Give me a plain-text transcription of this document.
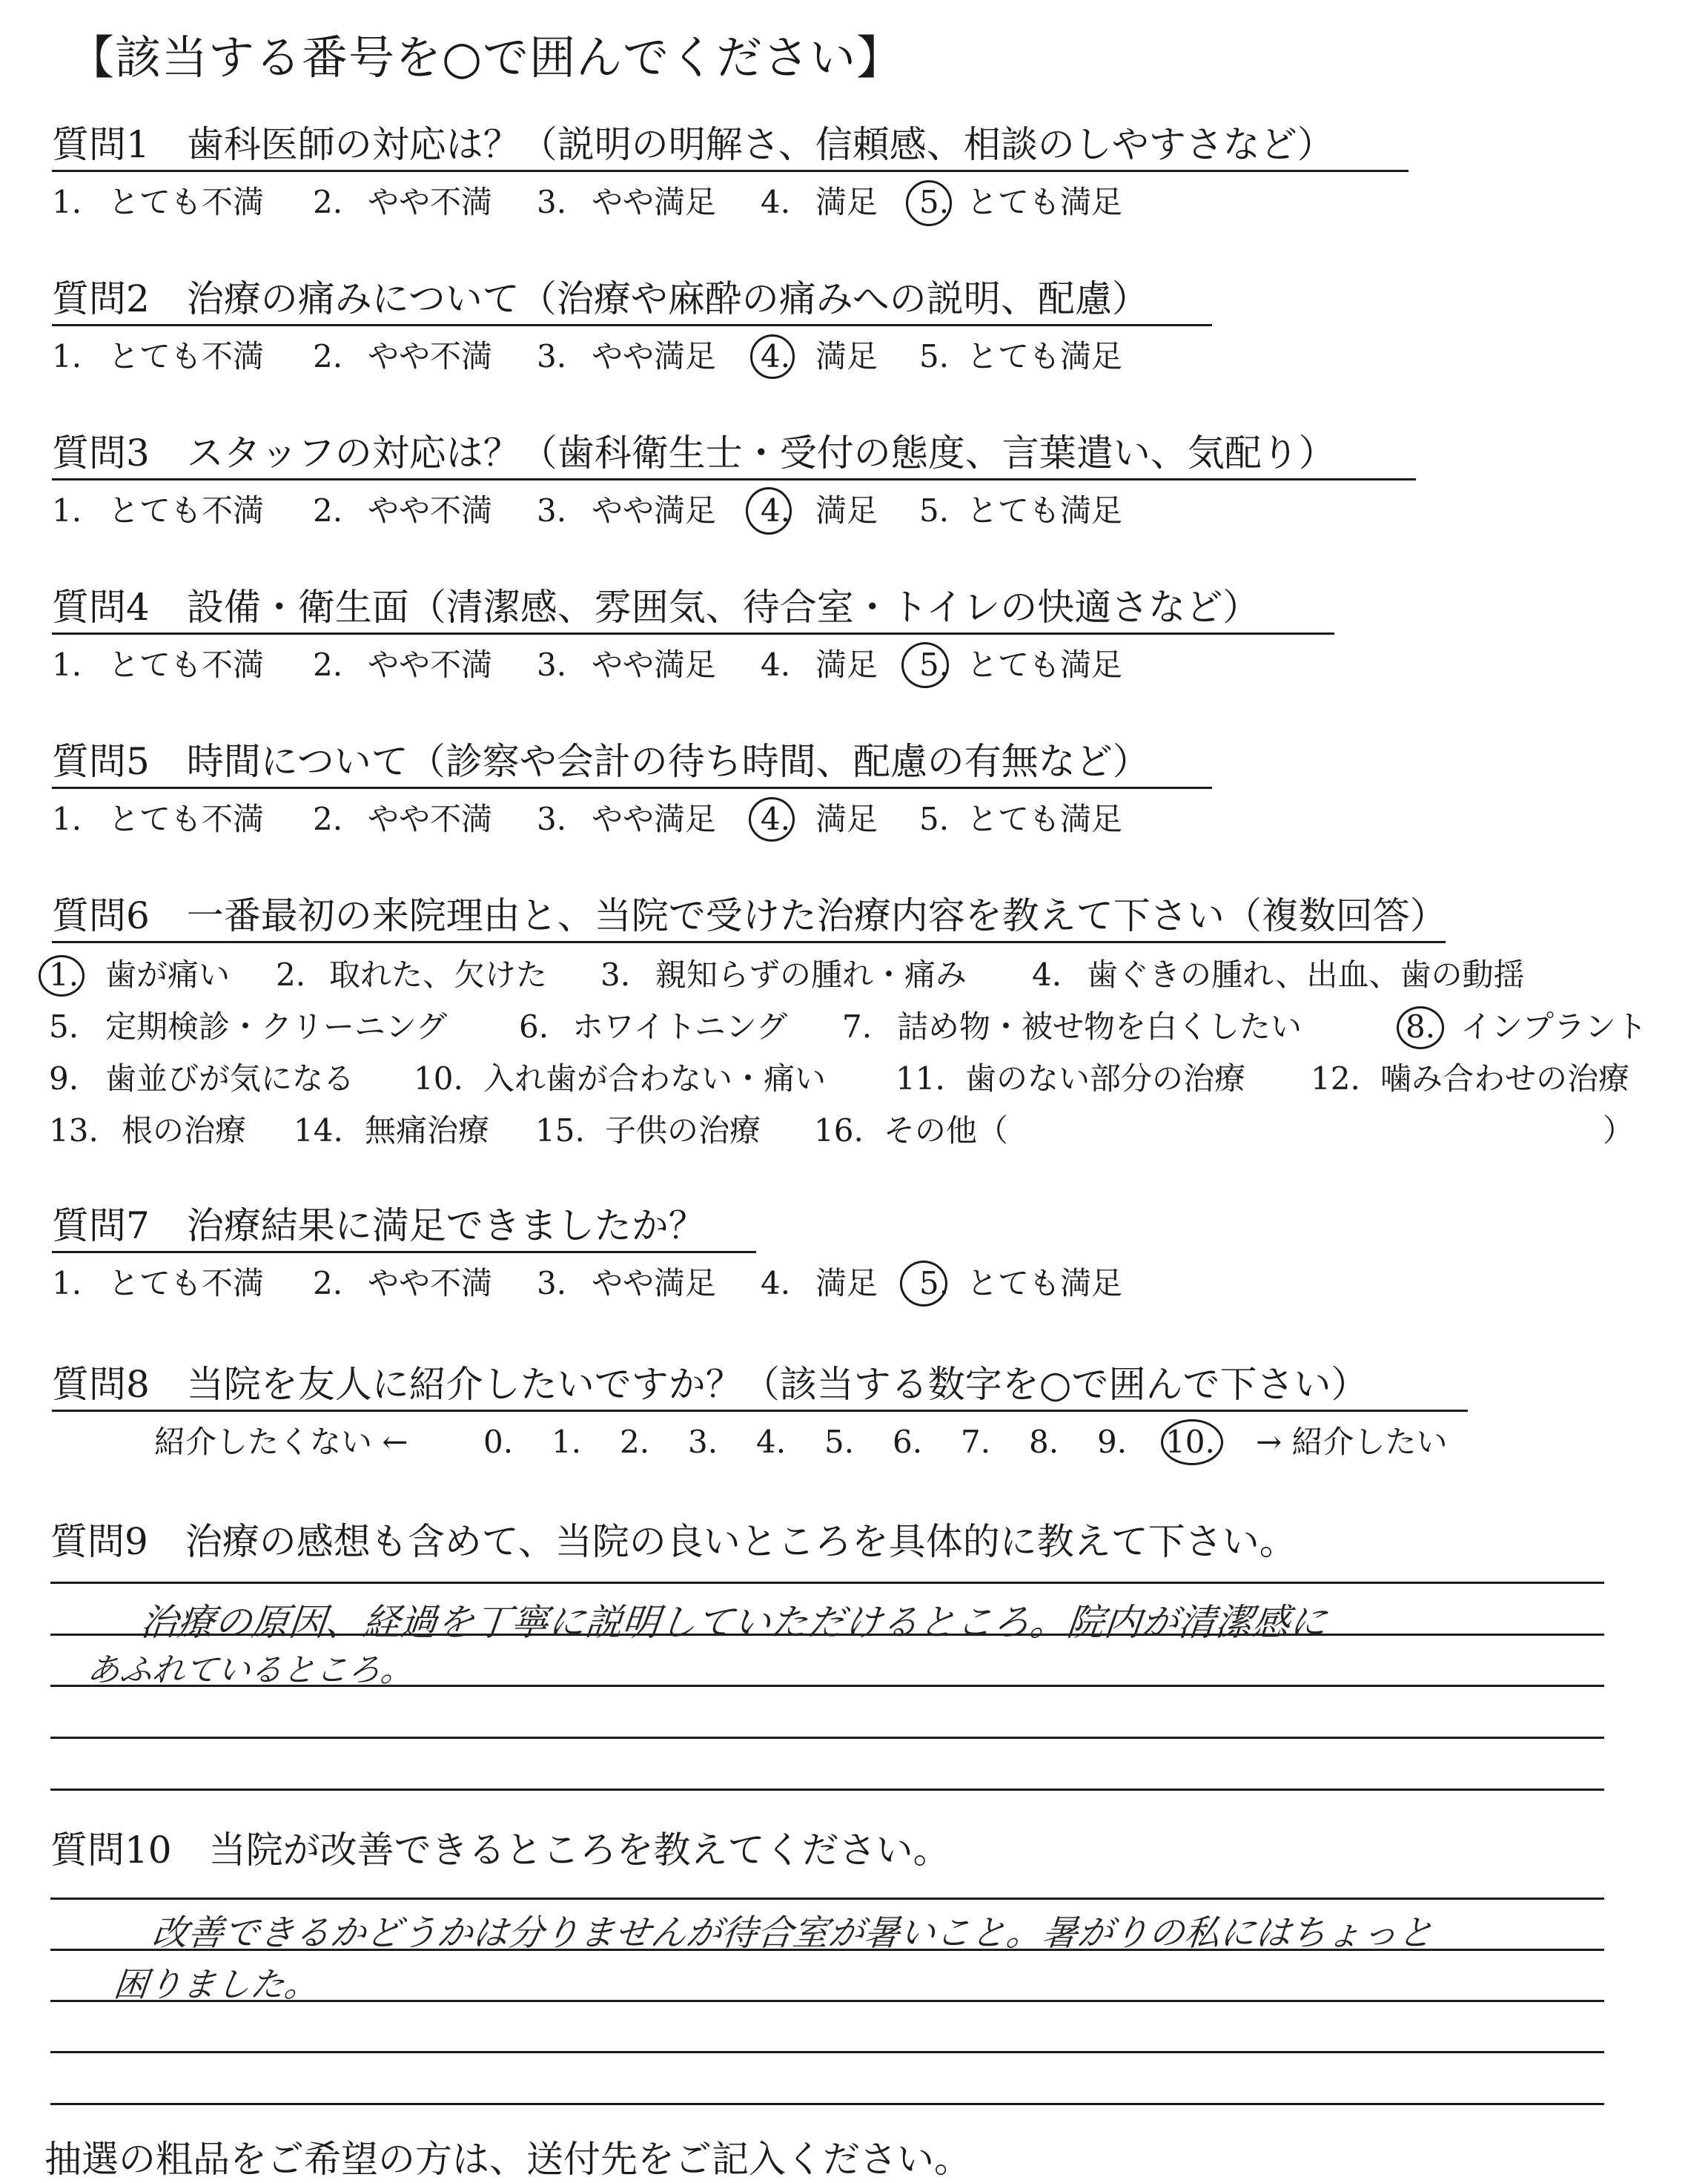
【該当する番号を○で囲んでください】
質問1　歯科医師の対応は？（説明の明解さ、信頼感、相談のしやすさなど）
1. とても不満 2. やや不満 3. やや満足 4. 満足 5. とても満足
質問2　治療の痛みについて（治療や麻酔の痛みへの説明、配慮）
1. とても不満 2. やや不満 3. やや満足 4. 満足 5. とても満足
質問3　スタッフの対応は？（歯科衛生士・受付の態度、言葉遣い、気配り）
1. とても不満 2. やや不満 3. やや満足 4. 満足 5. とても満足
質問4　設備・衛生面（清潔感、雰囲気、待合室・トイレの快適さなど）
1. とても不満 2. やや不満 3. やや満足 4. 満足 5. とても満足
質問5　時間について（診察や会計の待ち時間、配慮の有無など）
1. とても不満 2. やや不満 3. やや満足 4. 満足 5. とても満足
質問6　一番最初の来院理由と、当院で受けた治療内容を教えて下さい（複数回答）
1. 歯が痛い 2. 取れた、欠けた 3. 親知らずの腫れ・痛み 4. 歯ぐきの腫れ、出血、歯の動揺
5. 定期検診・クリーニング 6. ホワイトニング 7. 詰め物・被せ物を白くしたい	8. インプラント
9. 歯並びが気になる 10. 入れ歯が合わない・痛い 11. 歯のない部分の治療 12. 噛み合わせの治療
13. 根の治療 14. 無痛治療 15. 子供の治療 16. その他（	）
質問7　治療結果に満足できましたか？
1. とても不満 2. やや不満 3. やや満足 4. 満足 5. とても満足
質問8　当院を友人に紹介したいですか？（該当する数字を○で囲んで下さい）
紹介したくない ← 0. 1. 2. 3. 4. 5. 6. 7. 8. 9. 10. → 紹介したい
質問9　治療の感想も含めて、当院の良いところを具体的に教えて下さい。
治療の原因、経過を丁寧に説明していただけるところ。院内が清潔感に
あふれているところ。
質問10　当院が改善できるところを教えてください。
改善できるかどうかは分りませんが待合室が暑いこと。暑がりの私にはちょっと
困りました。
抽選の粗品をご希望の方は、送付先をご記入ください。
